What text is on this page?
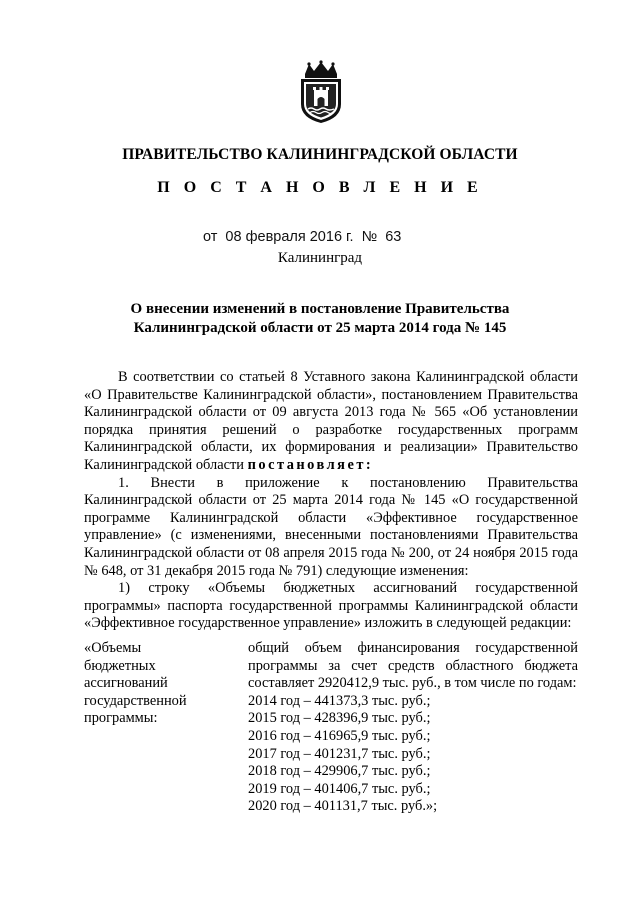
ПРАВИТЕЛЬСТВО КАЛИНИНГРАДСКОЙ ОБЛАСТИ
П О С Т А Н О В Л Е Н И Е
от 08 февраля 2016 г. № 63
Калининград
О внесении изменений в постановление Правительства
Калининградской области от 25 марта 2014 года № 145

В соответствии со статьей 8 Уставного закона Калининградской области «О Правительстве Калининградской области», постановлением Правительства Калининградской области от 09 августа 2013 года № 565 «Об установлении порядка принятия решений о разработке государственных программ Калининградской области, их формирования и реализации» Правительство Калининградской области постановляет:

1. Внести в приложение к постановлению Правительства Калининградской области от 25 марта 2014 года № 145 «О государственной программе Калининградской области «Эффективное государственное управление» (с изменениями, внесенными постановлениями Правительства Калининградской области от 08 апреля 2015 года № 200, от 24 ноября 2015 года № 648, от 31 декабря 2015 года № 791) следующие изменения:

1) строку «Объемы бюджетных ассигнований государственной программы» паспорта государственной программы Калининградской области «Эффективное государственное управление» изложить в следующей редакции:

«Объемы
бюджетных
ассигнований
государственной
программы:
общий объем финансирования государственной программы за счет средств областного бюджета составляет 2920412,9 тыс. руб., в том числе по годам:
2014 год – 441373,3 тыс. руб.;
2015 год – 428396,9 тыс. руб.;
2016 год – 416965,9 тыс. руб.;
2017 год – 401231,7 тыс. руб.;
2018 год – 429906,7 тыс. руб.;
2019 год – 401406,7 тыс. руб.;
2020 год – 401131,7 тыс. руб.»;
